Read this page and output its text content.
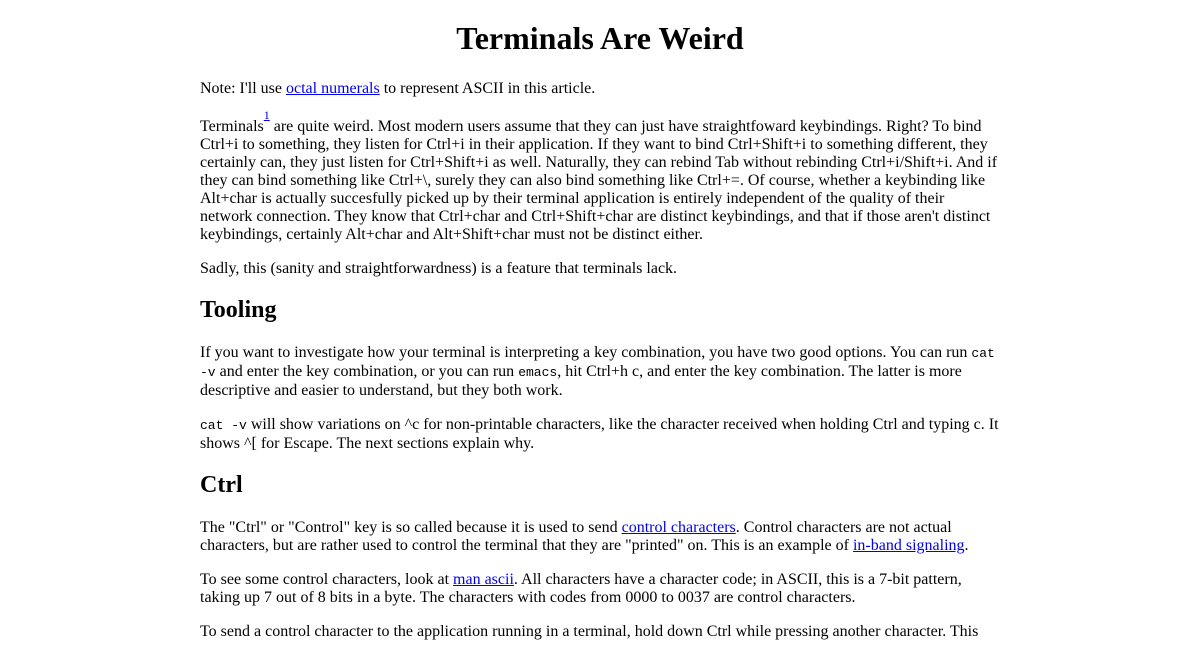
Terminals Are Weird

Note: I'll use octal numerals to represent ASCII in this article.

Terminals$^1$ are quite weird. Most modern users assume that they can just have straightfoward keybindings. Right? To bind Ctrl+i to something, they listen for Ctrl+i in their application. If they want to bind Ctrl+Shift+i to something different, they certainly can, they just listen for Ctrl+Shift+i as well. Naturally, they can rebind Tab without rebinding Ctrl+i/Shift+i. And if they can bind something like Ctrl+\, surely they can also bind something like Ctrl+=. Of course, whether a keybinding like Alt+char is actually succesfully picked up by their terminal application is entirely independent of the quality of their network connection. They know that Ctrl+char and Ctrl+Shift+char are distinct keybindings, and that if those aren't distinct keybindings, certainly Alt+char and Alt+Shift+char must not be distinct either.

Sadly, this (sanity and straightforwardness) is a feature that terminals lack.

Tooling

If you want to investigate how your terminal is interpreting a key combination, you have two good options. You can run cat -v and enter the key combination, or you can run emacs, hit Ctrl+h c, and enter the key combination. The latter is more descriptive and easier to understand, but they both work.

cat -v will show variations on ^c for non-printable characters, like the character received when holding Ctrl and typing c. It shows ^[ for Escape. The next sections explain why.

Ctrl

The "Ctrl" or "Control" key is so called because it is used to send control characters. Control characters are not actual characters, but are rather used to control the terminal that they are "printed" on. This is an example of in-band signaling.

To see some control characters, look at man ascii. All characters have a character code; in ASCII, this is a 7-bit pattern, taking up 7 out of 8 bits in a byte. The characters with codes from 0000 to 0037 are control characters.

To send a control character to the application running in a terminal, hold down Ctrl while pressing another character. This
